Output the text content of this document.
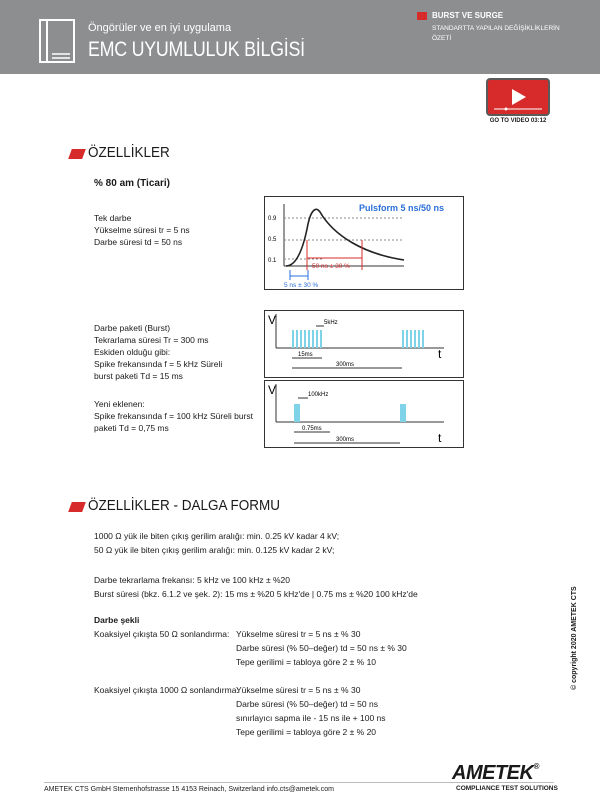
Öngörüler ve en iyi uygulama
EMC UYUMLULUK BİLGİSİ
BURST VE SURGE
STANDARTTA YAPILAN DEĞİŞİKLİKLERİN
ÖZETİ
GO TO VIDEO 03:12
ÖZELLİKLER
% 80 am (Ticari)
Tek darbe
Yükselme süresi tr = 5 ns
Darbe süresi td = 50 ns
Pulsform 5 ns/50 ns
0.9
0.5
0.1
50 ns ± 30 %
5 ns ± 30 %
Darbe paketi (Burst)
Tekrarlama süresi Tr = 300 ms
Eskiden olduğu gibi:
Spike frekansında f = 5 kHz Süreli
burst paketi Td = 15 ms
Yeni eklenen:
Spike frekansında f = 100 kHz Süreli burst
paketi Td = 0,75 ms
V
t
5kHz
15ms
300ms
V
t
100kHz
0.75ms
300ms
ÖZELLİKLER - DALGA FORMU
1000 Ω yük ile biten çıkış gerilim aralığı: min. 0.25 kV kadar 4 kV;
50 Ω yük ile biten çıkış gerilim aralığı: min. 0.125 kV kadar 2 kV;
Darbe tekrarlama frekansı: 5 kHz ve 100 kHz ± %20
Burst süresi (bkz. 6.1.2 ve şek. 2): 15 ms ± %20 5 kHz'de | 0.75 ms ± %20 100 kHz'de
Darbe şekli
Koaksiyel çıkışta 50 Ω sonlandırma: Yükselme süresi tr = 5 ns ± % 30
Darbe süresi (% 50–değer) td = 50 ns ± % 30
Tepe gerilimi = tabloya göre 2 ± % 10
Koaksiyel çıkışta 1000 Ω sonlandırma:
Yükselme süresi tr = 5 ns ± % 30
Darbe süresi (% 50–değer) td = 50 ns
sınırlayıcı sapma ile - 15 ns ile + 100 ns
Tepe gerilimi = tabloya göre 2 ± % 20
© copyright 2020 AMETEK CTS
AMETEK CTS GmbH Sternenhofstrasse 15 4153 Reinach, Switzerland info.cts@ametek.com
AMETEK®
COMPLIANCE TEST SOLUTIONS
